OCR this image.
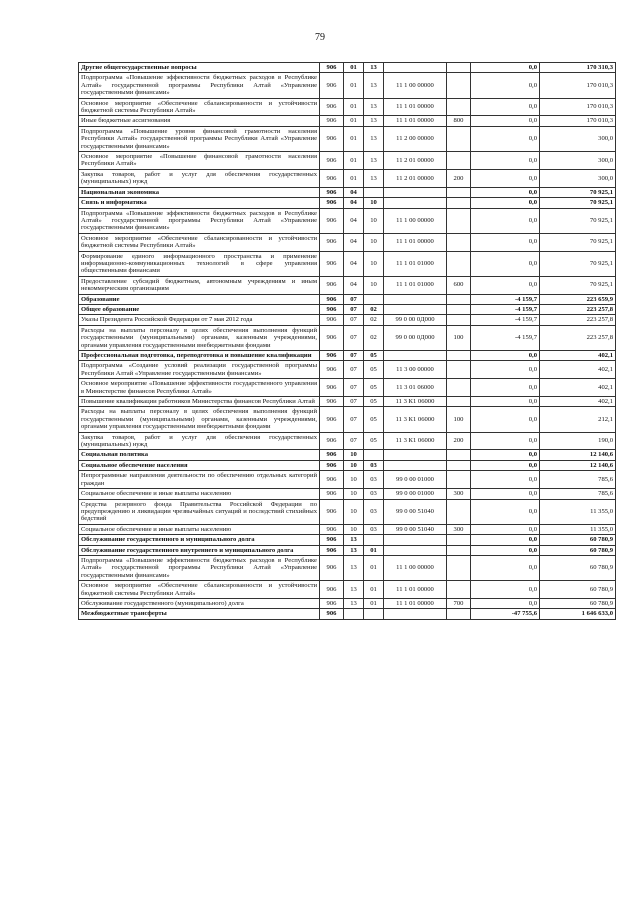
79
Другие общегосударственные вопросы	906	01	13			0,0	170 310,3
Подпрограмма «Повышение эффективности бюджетных расходов в Республике Алтай» государственной программы Республики Алтай «Управление государственными финансами»	906	01	13	11 1 00 00000		0,0	170 010,3
Основное мероприятие «Обеспечение сбалансированности и устойчивости бюджетной системы Республики Алтай»	906	01	13	11 1 01 00000		0,0	170 010,3
Иные бюджетные ассигнования	906	01	13	11 1 01 00000	800	0,0	170 010,3
Подпрограмма «Повышение уровня финансовой грамотности населения Республики Алтай» государственной программы Республики Алтай «Управление государственными финансами»	906	01	13	11 2 00 00000		0,0	300,0
Основное мероприятие «Повышение финансовой грамотности населения Республики Алтай»	906	01	13	11 2 01 00000		0,0	300,0
Закупка товаров, работ и услуг для обеспечения государственных (муниципальных) нужд	906	01	13	11 2 01 00000	200	0,0	300,0
Национальная экономика	906	04				0,0	70 925,1
Связь и информатика	906	04	10			0,0	70 925,1
Подпрограмма «Повышение эффективности бюджетных расходов в Республике Алтай» государственной программы Республики Алтай «Управление государственными финансами»	906	04	10	11 1 00 00000		0,0	70 925,1
Основное мероприятие «Обеспечение сбалансированности и устойчивости бюджетной системы Республики Алтай»	906	04	10	11 1 01 00000		0,0	70 925,1
Формирование единого информационного пространства и применение информационно-коммуникационных технологий в сфере управления общественными финансами	906	04	10	11 1 01 01000		0,0	70 925,1
Предоставление субсидий бюджетным, автономным учреждениям и иным некоммерческим организациям	906	04	10	11 1 01 01000	600	0,0	70 925,1
Образование	906	07				-4 159,7	223 659,9
Общее образование	906	07	02			-4 159,7	223 257,8
Указы Президента Российской Федерации от 7 мая 2012 года	906	07	02	99 0 00 0Д000		-4 159,7	223 257,8
Расходы на выплаты персоналу в целях обеспечения выполнения функций государственными (муниципальными) органами, казенными учреждениями, органами управления государственными внебюджетными фондами	906	07	02	99 0 00 0Д000	100	-4 159,7	223 257,8
Профессиональная подготовка, переподготовка и повышение квалификации	906	07	05			0,0	402,1
Подпрограмма «Создание условий реализации государственной программы Республики Алтай «Управление государственными финансами»	906	07	05	11 3 00 00000		0,0	402,1
Основное мероприятие «Повышение эффективности государственного управления в Министерстве финансов Республики Алтай»	906	07	05	11 3 01 06000		0,0	402,1
Повышение квалификации работников Министерства финансов Республики Алтай	906	07	05	11 3 К1 06000		0,0	402,1
Расходы на выплаты персоналу в целях обеспечения выполнения функций государственными (муниципальными) органами, казенными учреждениями, органами управления государственными внебюджетными фондами	906	07	05	11 3 К1 06000	100	0,0	212,1
Закупка товаров, работ и услуг для обеспечения государственных (муниципальных) нужд	906	07	05	11 3 К1 06000	200	0,0	190,0
Социальная политика	906	10				0,0	12 140,6
Социальное обеспечение населения	906	10	03			0,0	12 140,6
Непрограммные направления деятельности по обеспечению отдельных категорий граждан	906	10	03	99 0 00 01000		0,0	785,6
Социальное обеспечение и иные выплаты населению	906	10	03	99 0 00 01000	300	0,0	785,6
Средства резервного фонда Правительства Российской Федерации по предупреждению и ликвидации чрезвычайных ситуаций и последствий стихийных бедствий	906	10	03	99 0 00 51040		0,0	11 355,0
Социальное обеспечение и иные выплаты населению	906	10	03	99 0 00 51040	300	0,0	11 355,0
Обслуживание государственного и муниципального долга	906	13				0,0	60 780,9
Обслуживание государственного внутреннего и муниципального долга	906	13	01			0,0	60 780,9
Подпрограмма «Повышение эффективности бюджетных расходов в Республике Алтай» государственной программы Республики Алтай «Управление государственными финансами»	906	13	01	11 1 00 00000		0,0	60 780,9
Основное мероприятие «Обеспечение сбалансированности и устойчивости бюджетной системы Республики Алтай»	906	13	01	11 1 01 00000		0,0	60 780,9
Обслуживание государственного (муниципального) долга	906	13	01	11 1 01 00000	700	0,0	60 780,9
Межбюджетные трансферты	906					-47 755,6	1 646 633,0
